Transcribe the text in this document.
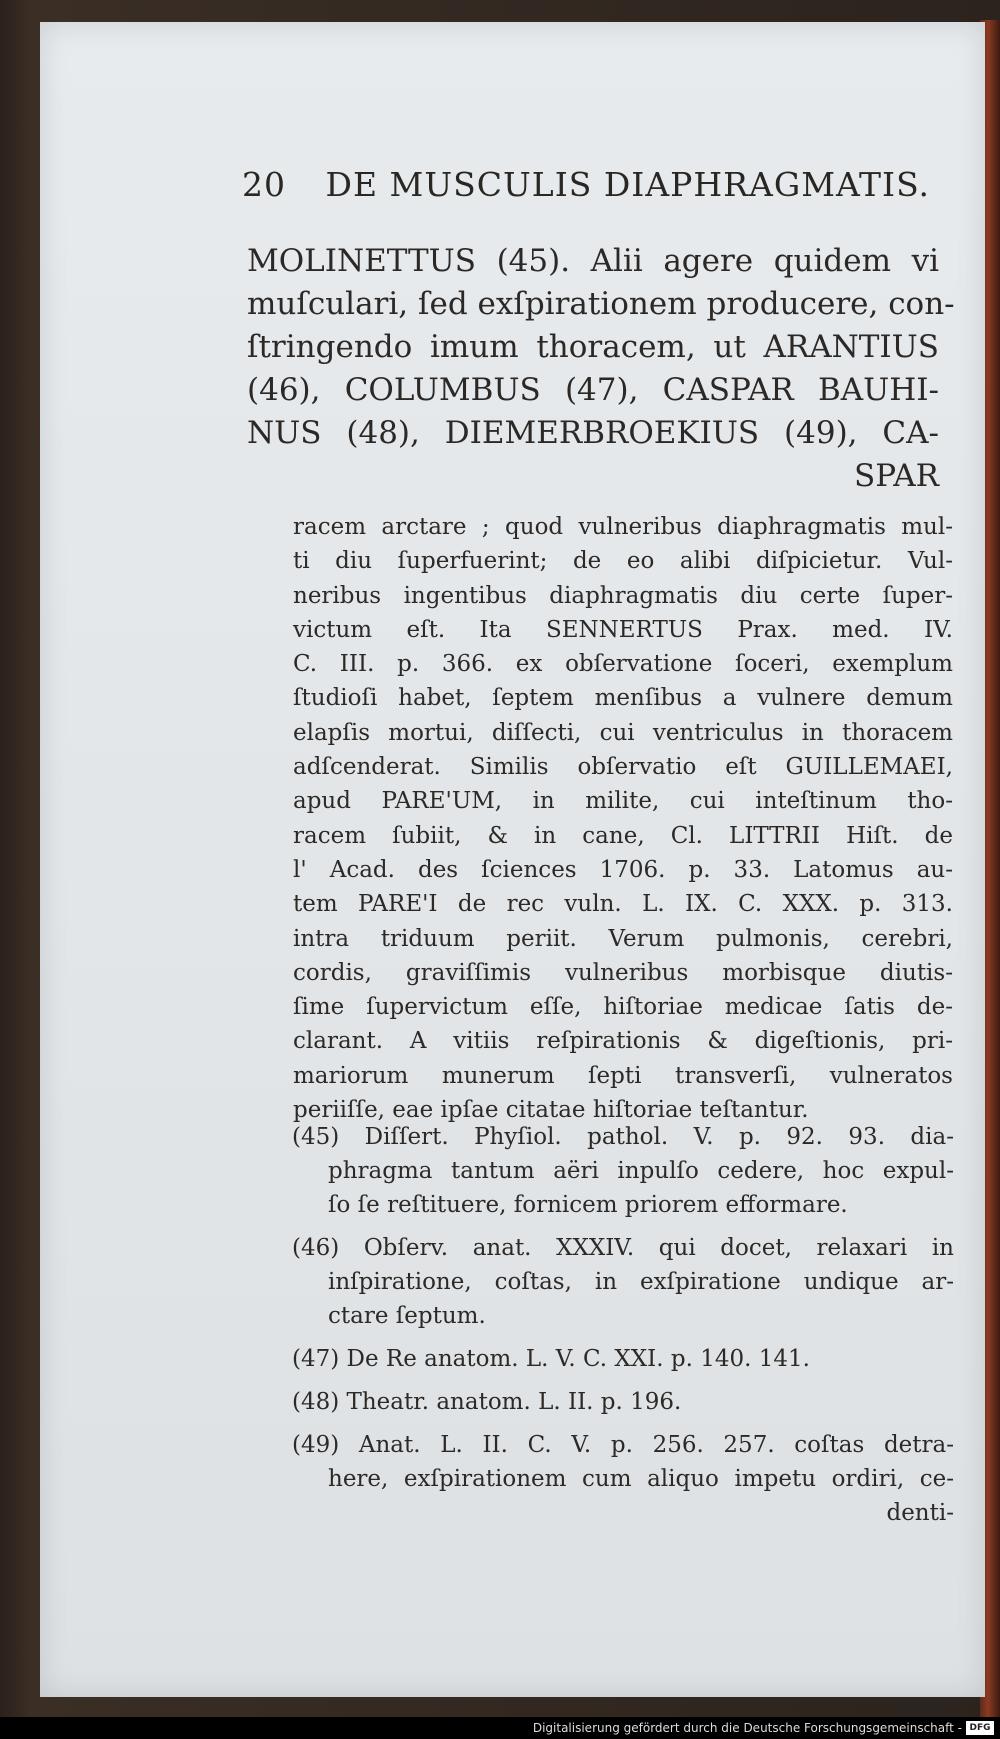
20 DE MUSCULIS DIAPHRAGMATIS.
MOLINETTUS (45). Alii agere quidem vi
muſculari, ſed exſpirationem producere, con-
ſtringendo imum thoracem, ut ARANTIUS
(46), COLUMBUS (47), CASPAR BAUHI-
NUS (48), DIEMERBROEKIUS (49), CA-
SPAR
racem arctare ; quod vulneribus diaphragmatis mul-
ti diu ſuperfuerint; de eo alibi diſpicietur. Vul-
neribus ingentibus diaphragmatis diu certe ſuper-
victum eſt. Ita SENNERTUS Prax. med. IV.
C. III. p. 366. ex obſervatione ſoceri, exemplum
ſtudioſi habet, ſeptem menſibus a vulnere demum
elapſis mortui, diſſecti, cui ventriculus in thoracem
adſcenderat. Similis obſervatio eſt GUILLEMAEI,
apud PARE'UM, in milite, cui inteſtinum tho-
racem ſubiit, & in cane, Cl. LITTRII Hiſt. de
l' Acad. des ſciences 1706. p. 33. Latomus au-
tem PARE'I de rec vuln. L. IX. C. XXX. p. 313.
intra triduum periit. Verum pulmonis, cerebri,
cordis, graviſſimis vulneribus morbisque diutis-
ſime ſupervictum eſſe, hiſtoriae medicae ſatis de-
clarant. A vitiis reſpirationis & digeſtionis, pri-
mariorum munerum ſepti transverſi, vulneratos
periiſſe, eae ipſae citatae hiſtoriae teſtantur.
(45) Diſſert. Phyſiol. pathol. V. p. 92. 93. dia-
phragma tantum aëri inpulſo cedere, hoc expul-
ſo ſe reſtituere, fornicem priorem efformare.
(46) Obſerv. anat. XXXIV. qui docet, relaxari in
inſpiratione, coſtas, in exſpiratione undique ar-
ctare ſeptum.
(47) De Re anatom. L. V. C. XXI. p. 140. 141.
(48) Theatr. anatom. L. II. p. 196.
(49) Anat. L. II. C. V. p. 256. 257. coſtas detra-
here, exſpirationem cum aliquo impetu ordiri, ce-
denti-
Digitalisierung gefördert durch die Deutsche Forschungsgemeinschaft - DFG
